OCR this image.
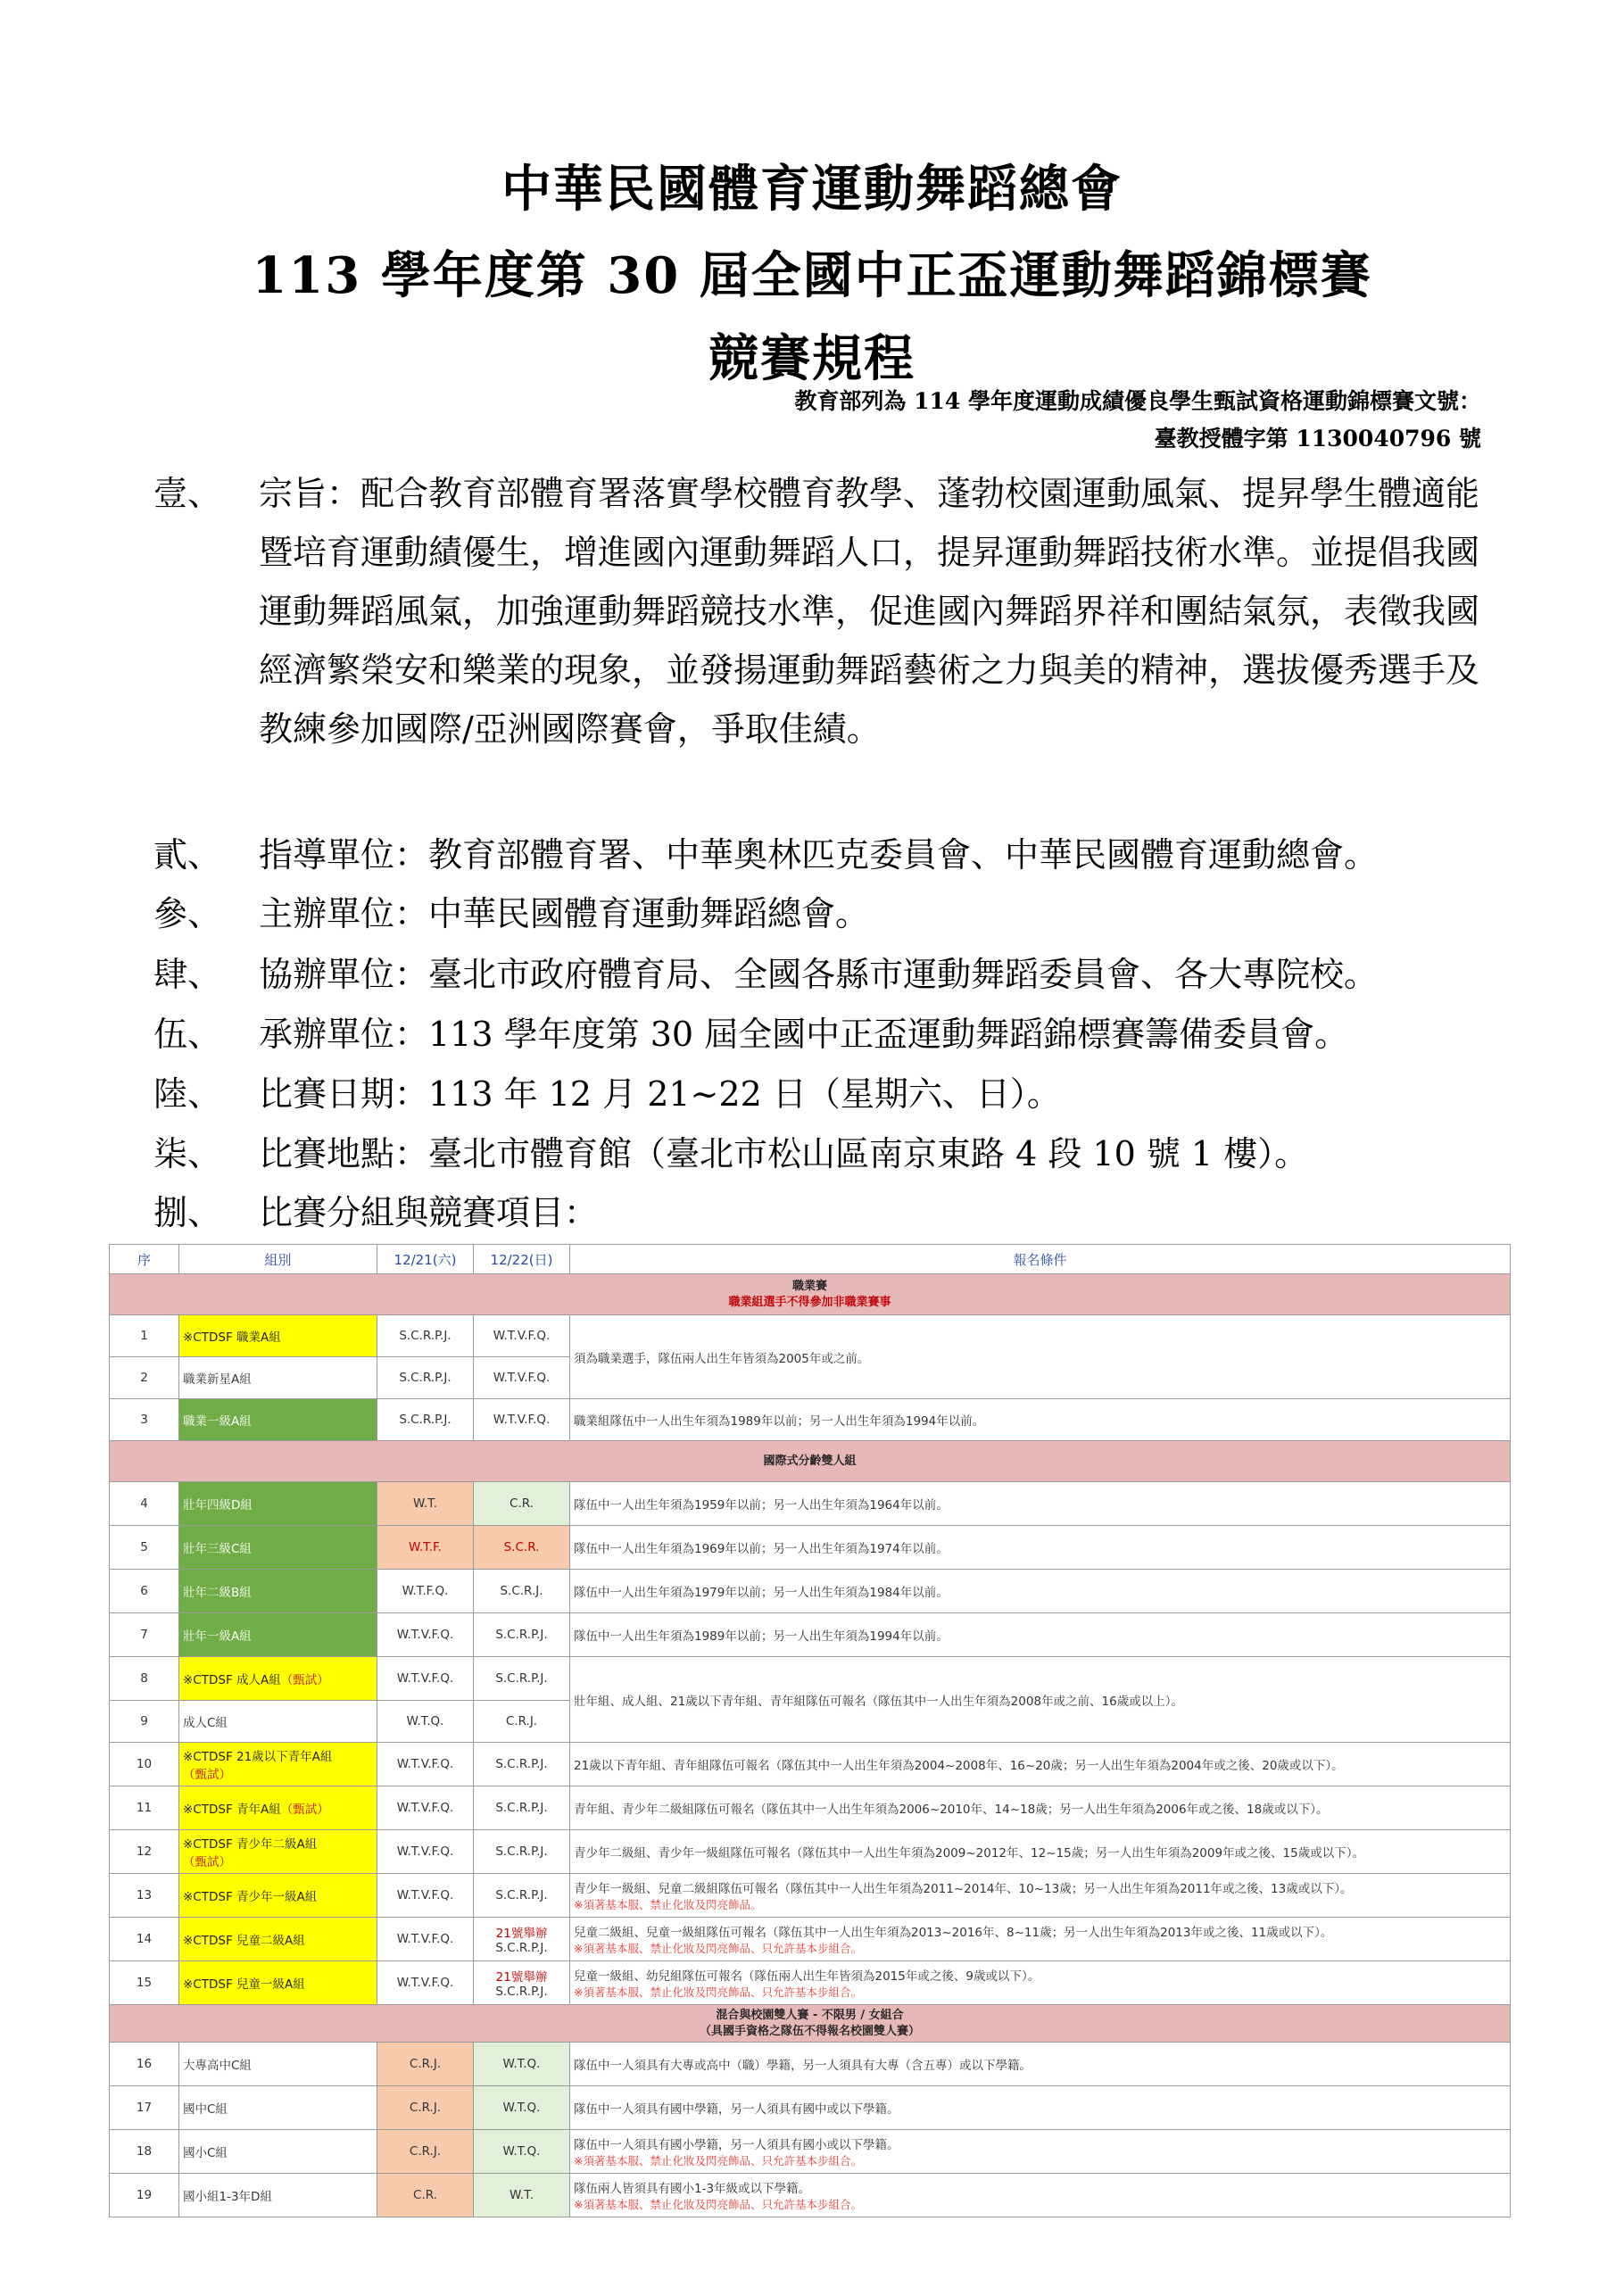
中華民國體育運動舞蹈總會
113 學年度第 30 屆全國中正盃運動舞蹈錦標賽
競賽規程
教育部列為 114 學年度運動成績優良學生甄試資格運動錦標賽文號：
臺教授體字第 1130040796 號
壹、	宗旨：配合教育部體育署落實學校體育教學、蓬勃校園運動風氣、提昇學生體適能暨培育運動績優生，增進國內運動舞蹈人口，提昇運動舞蹈技術水準。並提倡我國運動舞蹈風氣，加強運動舞蹈競技水準，促進國內舞蹈界祥和團結氣氛，表徵我國經濟繁榮安和樂業的現象，並發揚運動舞蹈藝術之力與美的精神，選拔優秀選手及教練參加國際/亞洲國際賽會，爭取佳績。
貳、	指導單位：教育部體育署、中華奧林匹克委員會、中華民國體育運動總會。
參、	主辦單位：中華民國體育運動舞蹈總會。
肆、	協辦單位：臺北市政府體育局、全國各縣市運動舞蹈委員會、各大專院校。
伍、	承辦單位：113 學年度第 30 屆全國中正盃運動舞蹈錦標賽籌備委員會。
陸、	比賽日期：113 年 12 月 21~22 日（星期六、日）。
柒、	比賽地點：臺北市體育館（臺北市松山區南京東路 4 段 10 號 1 樓）。
捌、	比賽分組與競賽項目：
序	組別	12/21(六)	12/22(日)	報名條件
職業賽
職業組選手不得參加非職業賽事				
1	※CTDSF 職業A組	S.C.R.P.J.	W.T.V.F.Q.	須為職業選手，隊伍兩人出生年皆須為2005年或之前。
2	職業新星A組	S.C.R.P.J.	W.T.V.F.Q.	
3	職業一級A組	S.C.R.P.J.	W.T.V.F.Q.	職業組隊伍中一人出生年須為1989年以前；另一人出生年須為1994年以前。
國際式分齡雙人組				
4	壯年四級D組	W.T.	C.R.	隊伍中一人出生年須為1959年以前；另一人出生年須為1964年以前。
5	壯年三級C組	W.T.F.	S.C.R.	隊伍中一人出生年須為1969年以前；另一人出生年須為1974年以前。
6	壯年二級B組	W.T.F.Q.	S.C.R.J.	隊伍中一人出生年須為1979年以前；另一人出生年須為1984年以前。
7	壯年一級A組	W.T.V.F.Q.	S.C.R.P.J.	隊伍中一人出生年須為1989年以前；另一人出生年須為1994年以前。
8	※CTDSF 成人A組（甄試）	W.T.V.F.Q.	S.C.R.P.J.	壯年組、成人組、21歲以下青年組、青年組隊伍可報名（隊伍其中一人出生年須為2008年或之前、16歲或以上）。
9	成人C組	W.T.Q.	C.R.J.	
10	※CTDSF 21歲以下青年A組
（甄試）	W.T.V.F.Q.	S.C.R.P.J.	21歲以下青年組、青年組隊伍可報名（隊伍其中一人出生年須為2004~2008年、16~20歲；另一人出生年須為2004年或之後、20歲或以下）。
11	※CTDSF 青年A組（甄試）	W.T.V.F.Q.	S.C.R.P.J.	青年組、青少年二級組隊伍可報名（隊伍其中一人出生年須為2006~2010年、14~18歲；另一人出生年須為2006年或之後、18歲或以下）。
12	※CTDSF 青少年二級A組
（甄試）	W.T.V.F.Q.	S.C.R.P.J.	青少年二級組、青少年一級組隊伍可報名（隊伍其中一人出生年須為2009~2012年、12~15歲；另一人出生年須為2009年或之後、15歲或以下）。
13	※CTDSF 青少年一級A組	W.T.V.F.Q.	S.C.R.P.J.	青少年一級組、兒童二級組隊伍可報名（隊伍其中一人出生年須為2011~2014年、10~13歲；另一人出生年須為2011年或之後、13歲或以下）。
※須著基本服、禁止化妝及閃亮飾品。

14	※CTDSF 兒童二級A組	W.T.V.F.Q.	21號舉辦
S.C.R.P.J.	兒童二級組、兒童一級組隊伍可報名（隊伍其中一人出生年須為2013~2016年、8~11歲；另一人出生年須為2013年或之後、11歲或以下）。
※須著基本服、禁止化妝及閃亮飾品、只允許基本步組合。

15	※CTDSF 兒童一級A組	W.T.V.F.Q.	21號舉辦
S.C.R.P.J.	兒童一級組、幼兒組隊伍可報名（隊伍兩人出生年皆須為2015年或之後、9歲或以下）。
※須著基本服、禁止化妝及閃亮飾品、只允許基本步組合。

混合與校園雙人賽 - 不限男 / 女組合
（具國手資格之隊伍不得報名校園雙人賽）				
16	大專高中C組	C.R.J.	W.T.Q.	隊伍中一人須具有大專或高中（職）學籍，另一人須具有大專（含五專）或以下學籍。
17	國中C組	C.R.J.	W.T.Q.	隊伍中一人須具有國中學籍，另一人須具有國中或以下學籍。
18	國小C組	C.R.J.	W.T.Q.	隊伍中一人須具有國小學籍，另一人須具有國小或以下學籍。
※須著基本服、禁止化妝及閃亮飾品、只允許基本步組合。

19	國小組1-3年D組	C.R.	W.T.	隊伍兩人皆須具有國小1-3年級或以下學籍。
※須著基本服、禁止化妝及閃亮飾品、只允許基本步組合。
